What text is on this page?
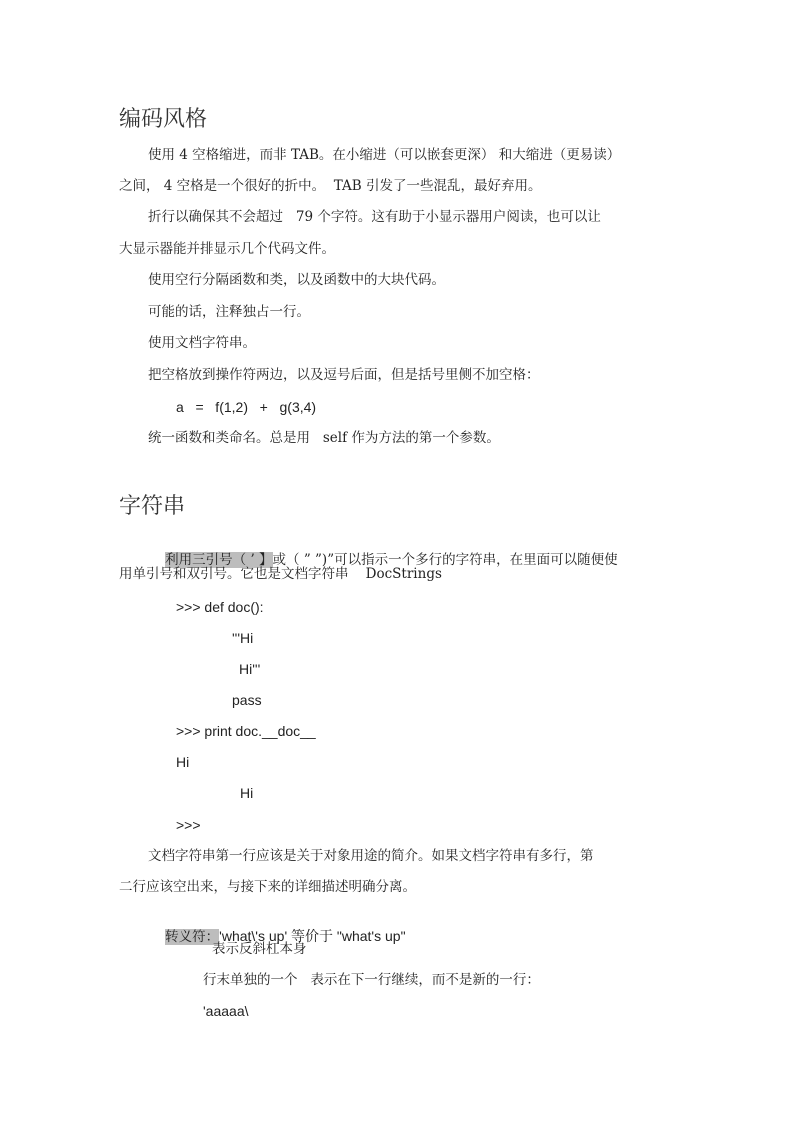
编码风格
使用 4 空格缩进，而非 TAB。在小缩进（可以嵌套更深） 和大缩进（更易读）
之间， 4 空格是一个很好的折中。  TAB 引发了一些混乱，最好弃用。
折行以确保其不会超过   79 个字符。这有助于小显示器用户阅读，也可以让
大显示器能并排显示几个代码文件。
使用空行分隔函数和类，以及函数中的大块代码。
可能的话，注释独占一行。
使用文档字符串。
把空格放到操作符两边，以及逗号后面，但是括号里侧不加空格：
a   =   f(1,2)   +   g(3,4)
统一函数和类命名。总是用   self 作为方法的第一个参数。
字符串

利用三引号（ ’ 】或（ ” ”)”可以指示一个多行的字符串，在里面可以随便使

用单引号和双引号。它也是文档字符串    DocStrings
>>> def doc():
'''Hi
Hi'''
pass
>>> print doc.__doc__
Hi
Hi
>>>
文档字符串第一行应该是关于对象用途的简介。如果文档字符串有多行，第
二行应该空出来，与接下来的详细描述明确分离。

转义符：'what\'s up' 等价于 "what's up"

表示反斜杠本身
行末单独的一个   表示在下一行继续，而不是新的一行：
'aaaaa\
